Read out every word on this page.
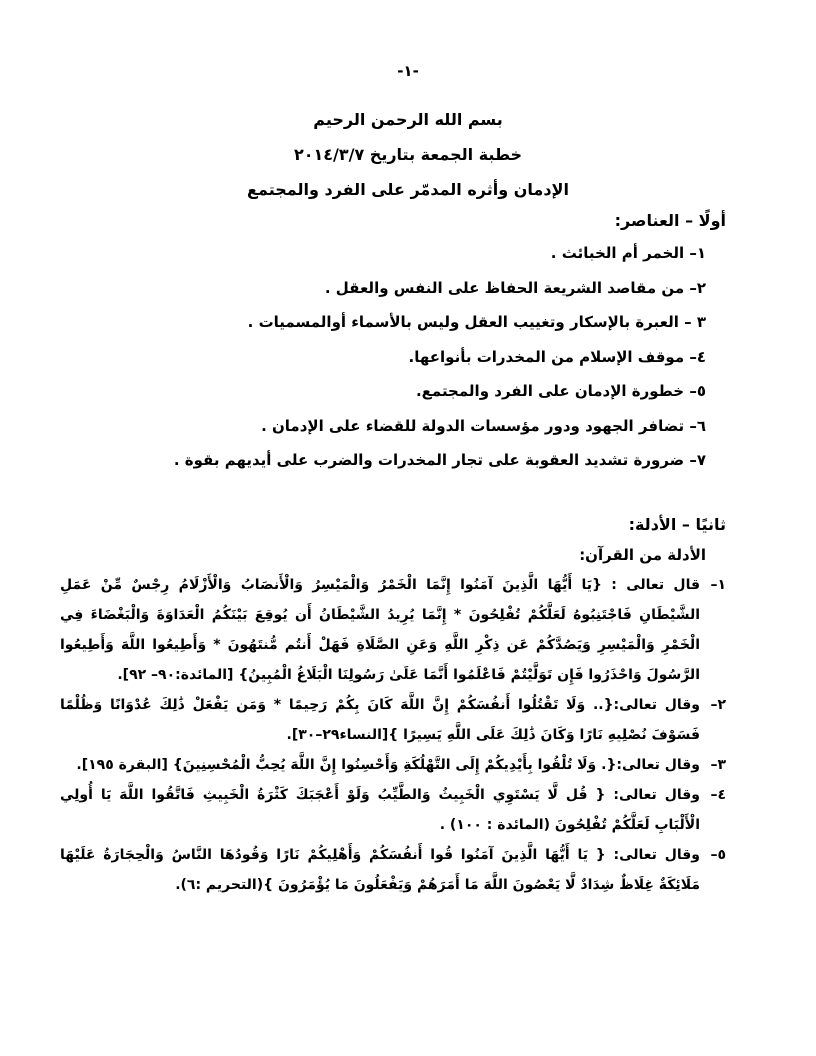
-١-
بسم الله الرحمن الرحيم
خطبة الجمعة بتاريخ ٢٠١٤/٣/٧
الإدمان وأثره المدمّر على الفرد والمجتمع
أولًا – العناصر:
١– الخمر أم الخبائث .
٢– من مقاصد الشريعة الحفاظ على النفس والعقل .
٣ – العبرة بالإسكار وتغييب العقل وليس بالأسماء أوالمسميات .
٤– موقف الإسلام من المخدرات بأنواعها.
٥– خطورة الإدمان على الفرد والمجتمع.
٦– تضافر الجهود ودور مؤسسات الدولة للقضاء على الإدمان .
٧– ضرورة تشديد العقوبة على تجار المخدرات والضرب على أيديهم بقوة .
ثانيًا – الأدلة:
الأدلة من القرآن:
١–
قال تعالى : {يَا أَيُّهَا الَّذِينَ آمَنُوا إِنَّمَا الْخَمْرُ وَالْمَيْسِرُ وَالْأَنصَابُ وَالْأَزْلَامُ رِجْسٌ مِّنْ عَمَلِ الشَّيْطَانِ فَاجْتَنِبُوهُ لَعَلَّكُمْ تُفْلِحُونَ * إِنَّمَا يُرِيدُ الشَّيْطَانُ أَن يُوقِعَ بَيْنَكُمُ الْعَدَاوَةَ وَالْبَغْضَاءَ فِي الْخَمْرِ وَالْمَيْسِرِ وَيَصُدَّكُمْ عَن ذِكْرِ اللَّهِ وَعَنِ الصَّلَاةِ فَهَلْ أَنتُم مُّنتَهُونَ * وَأَطِيعُوا اللَّهَ وَأَطِيعُوا الرَّسُولَ وَاحْذَرُوا فَإِن تَوَلَّيْتُمْ فَاعْلَمُوا أَنَّمَا عَلَىٰ رَسُولِنَا الْبَلَاغُ الْمُبِينُ} [المائدة:٩٠– ٩٢].
٢–
وقال تعالى:{.. وَلَا تَقْتُلُوا أَنفُسَكُمْ إِنَّ اللَّهَ كَانَ بِكُمْ رَحِيمًا * وَمَن يَفْعَلْ ذَٰلِكَ عُدْوَانًا وَظُلْمًا فَسَوْفَ نُصْلِيهِ نَارًا وَكَانَ ذَٰلِكَ عَلَى اللَّهِ يَسِيرًا }[النساء٢٩–٣٠].
٣–
وقال تعالى:{. وَلَا تُلْقُوا بِأَيْدِيكُمْ إِلَى التَّهْلُكَةِ وَأَحْسِنُوا إِنَّ اللَّهَ يُحِبُّ الْمُحْسِنِينَ} [البقرة ١٩٥].
٤–
وقال تعالى: { قُل لَّا يَسْتَوِي الْخَبِيثُ وَالطَّيِّبُ وَلَوْ أَعْجَبَكَ كَثْرَةُ الْخَبِيثِ فَاتَّقُوا اللَّهَ يَا أُولِي الْأَلْبَابِ لَعَلَّكُمْ تُفْلِحُونَ (المائدة : ١٠٠) .
٥–
وقال تعالى: { يَا أَيُّهَا الَّذِينَ آمَنُوا قُوا أَنفُسَكُمْ وَأَهْلِيكُمْ نَارًا وَقُودُهَا النَّاسُ وَالْحِجَارَةُ عَلَيْهَا مَلَائِكَةٌ غِلَاظٌ شِدَادٌ لَّا يَعْصُونَ اللَّهَ مَا أَمَرَهُمْ وَيَفْعَلُونَ مَا يُؤْمَرُونَ }(التحريم :٦).
